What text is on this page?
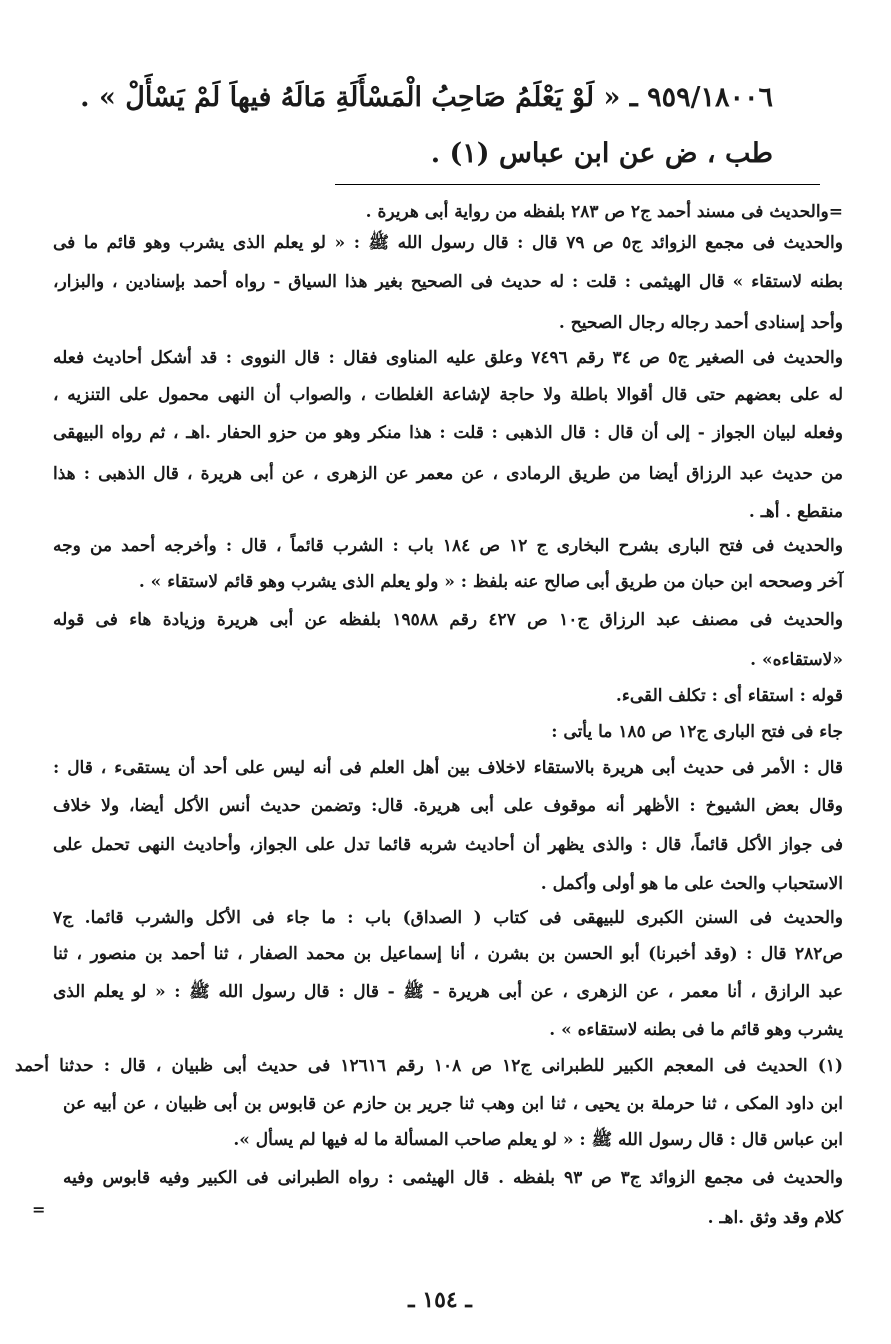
٩٥٩/١٨٠٠٦ ـ « لَوْ يَعْلَمُ صَاحِبُ الْمَسْأَلَةِ مَالَهُ فيهاَ لَمْ يَسْأَلْ » .
طب ، ض عن ابن عباس (١) .
=والحديث فى مسند أحمد ج٢ ص ٢٨٣ بلفظه من رواية أبى هريرة .
والحديث فى مجمع الزوائد ج٥ ص ٧٩ قال : قال رسول الله ﷺ : « لو يعلم الذى يشرب وهو قائم ما فى
بطنه لاستقاء » قال الهيثمى : قلت : له حديث فى الصحيح بغير هذا السياق - رواه أحمد بإسنادين ، والبزار،
وأحد إسنادى أحمد رجاله رجال الصحيح .
والحديث فى الصغير ج٥ ص ٣٤ رقم ٧٤٩٦ وعلق عليه المناوى فقال : قال النووى : قد أشكل أحاديث فعله
له على بعضهم حتى قال أقوالا باطلة ولا حاجة لإشاعة الغلطات ، والصواب أن النهى محمول على التنزيه ،
وفعله لبيان الجواز - إلى أن قال : قال الذهبى : قلت : هذا منكر وهو من حزو الحفار .اهـ ، ثم رواه البيهقى
من حديث عبد الرزاق أيضا من طريق الرمادى ، عن معمر عن الزهرى ، عن أبى هريرة ، قال الذهبى : هذا
منقطع . أهـ .
والحديث فى فتح البارى بشرح البخارى ج ١٢ ص ١٨٤ باب : الشرب قائماً ، قال : وأخرجه أحمد من وجه
آخر وصححه ابن حبان من طريق أبى صالح عنه بلفظ : « ولو يعلم الذى يشرب وهو قائم لاستقاء » .
والحديث فى مصنف عبد الرزاق ج١٠ ص ٤٢٧ رقم ١٩٥٨٨ بلفظه عن أبى هريرة وزيادة هاء فى قوله
«لاستقاءه» .
قوله : استقاء أى : تكلف القىء.
جاء فى فتح البارى ج١٢ ص ١٨٥ ما يأتى :
قال : الأمر فى حديث أبى هريرة بالاستقاء لاخلاف بين أهل العلم فى أنه ليس على أحد أن يستقىء ، قال :
وقال بعض الشيوخ : الأظهر أنه موقوف على أبى هريرة. قال: وتضمن حديث أنس الأكل أيضا، ولا خلاف
فى جواز الأكل قائماً، قال : والذى يظهر أن أحاديث شربه قائما تدل على الجواز، وأحاديث النهى تحمل على
الاستحباب والحث على ما هو أولى وأكمل .
والحديث فى السنن الكبرى للبيهقى فى كتاب ( الصداق) باب : ما جاء فى الأكل والشرب قائما. ج٧
ص٢٨٢ قال : (وقد أخبرنا) أبو الحسن بن بشرن ، أنا إسماعيل بن محمد الصفار ، ثنا أحمد بن منصور ، ثنا
عبد الرازق ، أنا معمر ، عن الزهرى ، عن أبى هريرة - ﷺ - قال : قال رسول الله ﷺ : « لو يعلم الذى
يشرب وهو قائم ما فى بطنه لاستقاءه » .
(١) الحديث فى المعجم الكبير للطبرانى ج١٢ ص ١٠٨ رقم ١٢٦١٦ فى حديث أبى ظبيان ، قال : حدثنا أحمد
ابن داود المكى ، ثنا حرملة بن يحيى ، ثنا ابن وهب ثنا جرير بن حازم عن قابوس بن أبى ظبيان ، عن أبيه عن
ابن عباس قال : قال رسول الله ﷺ : « لو يعلم صاحب المسألة ما له فيها لم يسأل ».
والحديث فى مجمع الزوائد ج٣ ص ٩٣ بلفظه . قال الهيثمى : رواه الطبرانى فى الكبير وفيه قابوس وفيه
كلام وقد وثق .اهـ .
=
ـ ١٥٤ ـ
